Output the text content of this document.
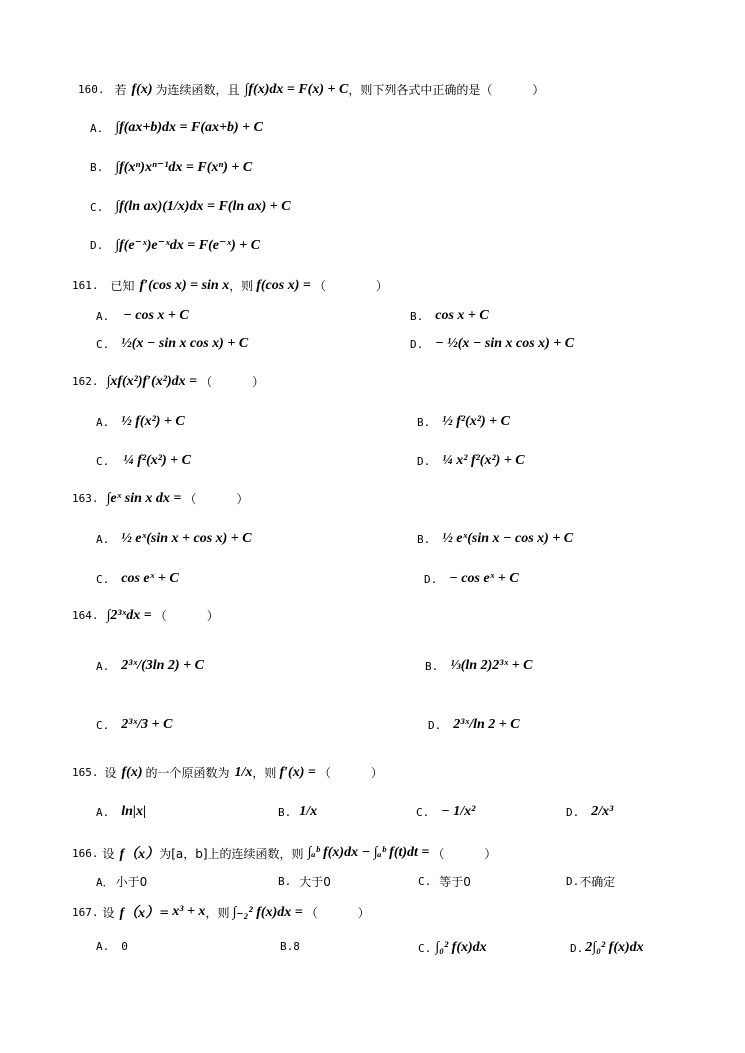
160. 若 f(x) 为连续函数，且 ∫f(x)dx = F(x) + C ，则下列各式中正确的是（	）
A. ∫f(ax+b)dx = F(ax+b) + C
B. ∫f(xⁿ)xⁿ⁻¹dx = F(xⁿ) + C
C. ∫f(ln ax)(1/x)dx = F(ln ax) + C
D. ∫f(e⁻ˣ)e⁻ˣdx = F(e⁻ˣ) + C
161. 已知 f′(cos x) = sin x ，则 f(cos x) = （	）
A. − cos x + C	B. cos x + C
C. ½(x − sin x cos x) + C	D. − ½(x − sin x cos x) + C
162. ∫xf(x²)f′(x²)dx = （	）
A. ½ f(x²) + C	B. ½ f²(x²) + C
C. ¼ f²(x²) + C	D. ¼ x² f²(x²) + C
163. ∫eˣ sin x dx = （	）
A. ½ eˣ(sin x + cos x) + C	B. ½ eˣ(sin x − cos x) + C
C. cos eˣ + C	D. − cos eˣ + C
164. ∫2³ˣdx = （	）
A. 2³ˣ/(3ln 2) + C	B. ⅓(ln 2)2³ˣ + C
C. 2³ˣ/3 + C	D. 2³ˣ/ln 2 + C
165. 设 f(x) 的一个原函数为 1/x ，则 f′(x) = （	）
A. ln|x|	B. 1/x	C. − 1/x²	D. 2/x³
166. 设 f（x） 为[a，b]上的连续函数，则 ∫ₐᵇ f(x)dx − ∫ₐᵇ f(t)dt = （	）
A． 小于0	B. 大于0	C. 等于0	D. 不确定
167. 设 f（x） = x³ + x ，则 ∫₋₂² f(x)dx = （	）
A. 0	B. 8	C. ∫₀² f(x)dx	D. 2∫₀² f(x)dx
